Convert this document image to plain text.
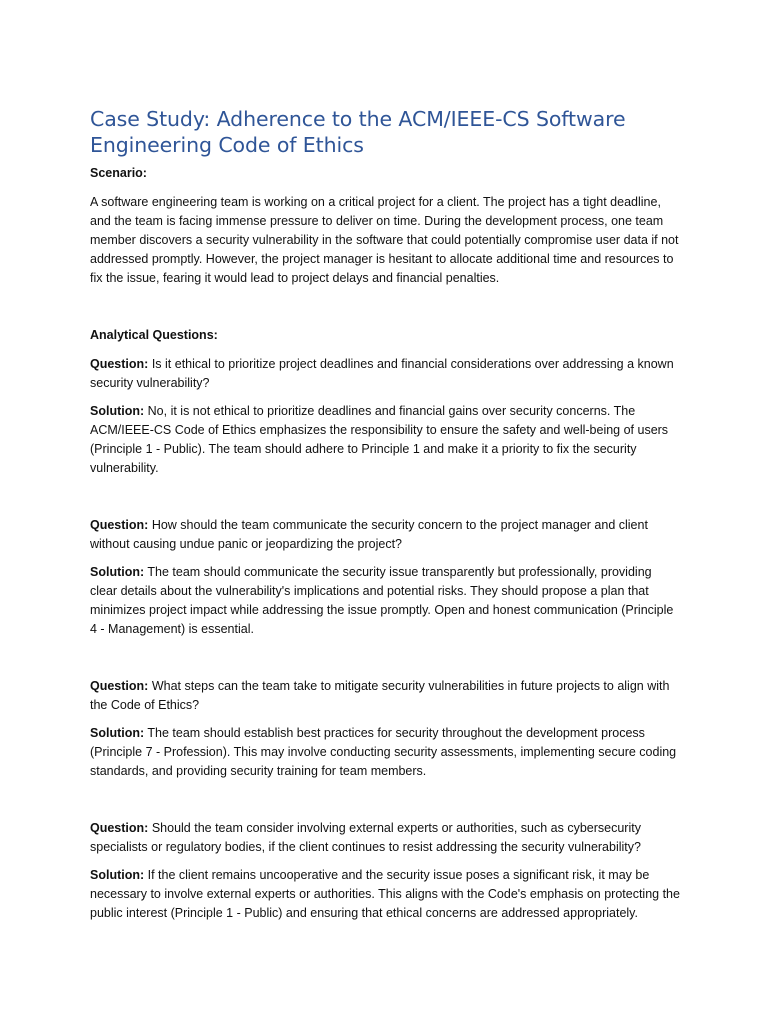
Case Study: Adherence to the ACM/IEEE-CS Software Engineering Code of Ethics

Scenario:

A software engineering team is working on a critical project for a client. The project has a tight deadline, and the team is facing immense pressure to deliver on time. During the development process, one team member discovers a security vulnerability in the software that could potentially compromise user data if not addressed promptly. However, the project manager is hesitant to allocate additional time and resources to fix the issue, fearing it would lead to project delays and financial penalties.

Analytical Questions:

Question: Is it ethical to prioritize project deadlines and financial considerations over addressing a known security vulnerability?

Solution: No, it is not ethical to prioritize deadlines and financial gains over security concerns. The ACM/IEEE-CS Code of Ethics emphasizes the responsibility to ensure the safety and well-being of users (Principle 1 - Public). The team should adhere to Principle 1 and make it a priority to fix the security vulnerability.

Question: How should the team communicate the security concern to the project manager and client without causing undue panic or jeopardizing the project?

Solution: The team should communicate the security issue transparently but professionally, providing clear details about the vulnerability's implications and potential risks. They should propose a plan that minimizes project impact while addressing the issue promptly. Open and honest communication (Principle 4 - Management) is essential.

Question: What steps can the team take to mitigate security vulnerabilities in future projects to align with the Code of Ethics?

Solution: The team should establish best practices for security throughout the development process (Principle 7 - Profession). This may involve conducting security assessments, implementing secure coding standards, and providing security training for team members.

Question: Should the team consider involving external experts or authorities, such as cybersecurity specialists or regulatory bodies, if the client continues to resist addressing the security vulnerability?

Solution: If the client remains uncooperative and the security issue poses a significant risk, it may be necessary to involve external experts or authorities. This aligns with the Code's emphasis on protecting the public interest (Principle 1 - Public) and ensuring that ethical concerns are addressed appropriately.
